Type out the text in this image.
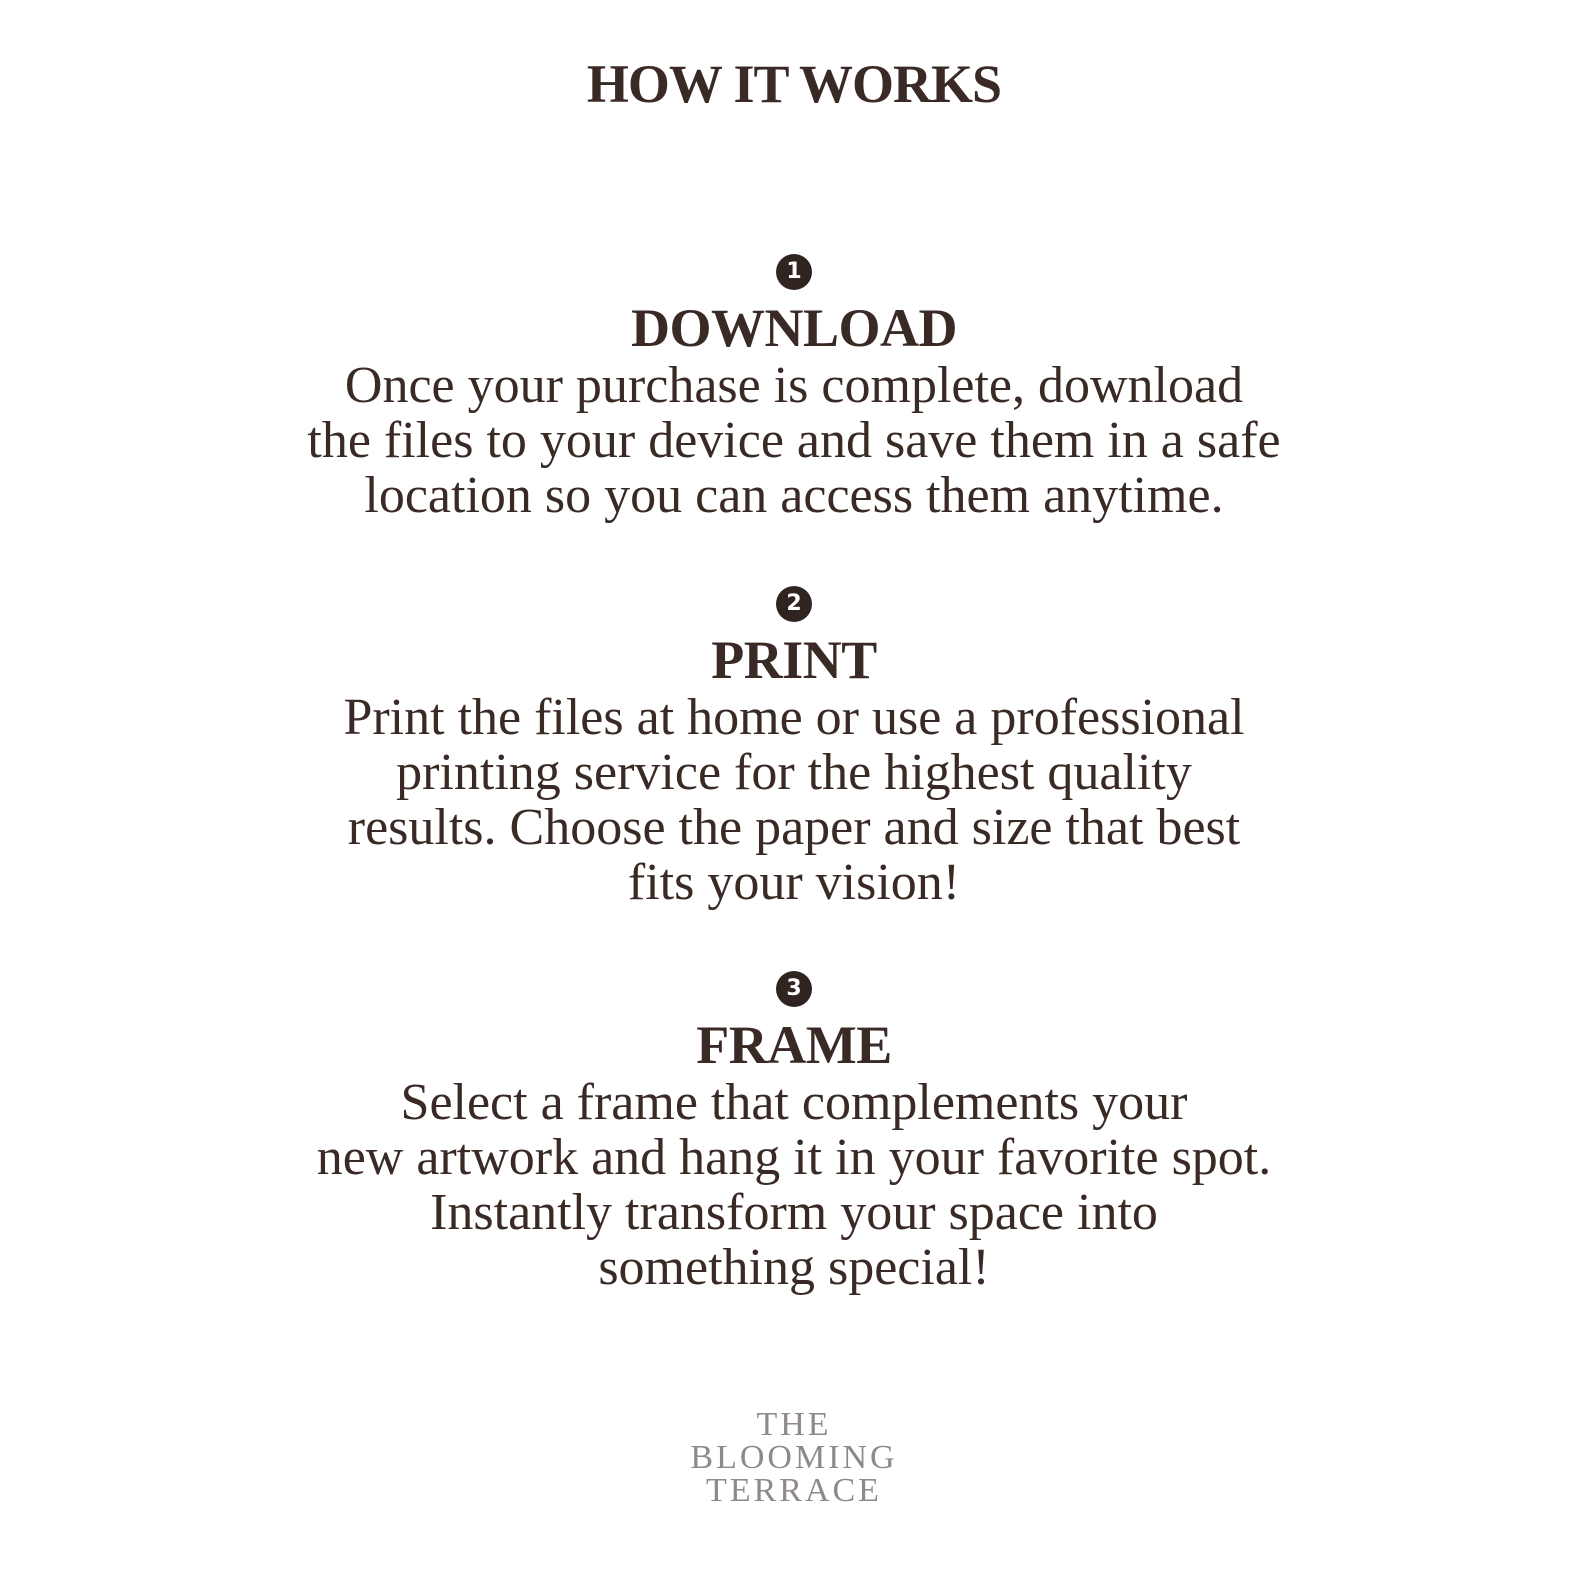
HOW IT WORKS
1
DOWNLOAD
Once your purchase is complete, download
the files to your device and save them in a safe
location so you can access them anytime.
2
PRINT
Print the files at home or use a professional
printing service for the highest quality
results. Choose the paper and size that best
fits your vision!
3
FRAME
Select a frame that complements your
new artwork and hang it in your favorite spot.
Instantly transform your space into
something special!
THE
BLOOMING
TERRACE
